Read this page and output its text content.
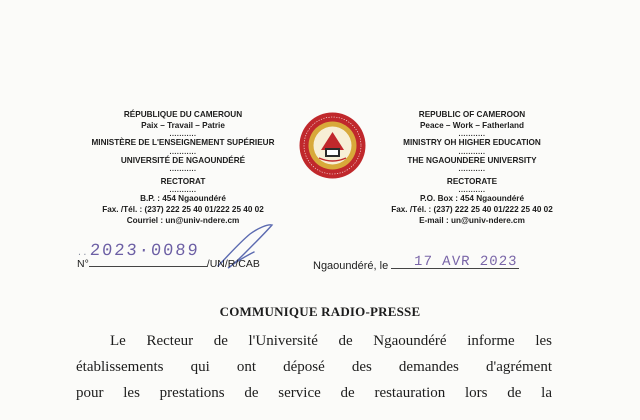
RÉPUBLIQUE DU CAMEROUN
Paix – Travail – Patrie
...........
MINISTÈRE DE L'ENSEIGNEMENT SUPÉRIEUR
...........
UNIVERSITÉ DE NGAOUNDÉRÉ
...........
RECTORAT
...........
B.P. : 454 Ngaoundéré
Fax. /Tél. : (237) 222 25 40 01/222 25 40 02
Courriel : un@univ-ndere.cm
REPUBLIC OF CAMEROON
Peace – Work – Fatherland
...........
MINISTRY OH HIGHER EDUCATION
...........
THE NGAOUNDERE UNIVERSITY
...........
RECTORATE
...........
P.O. Box : 454 Ngaoundéré
Fax. /Tél. : (237) 222 25 40 01/222 25 40 02
E-mail : un@univ-ndere.cm
..2023·0089
N°	/UN/R/CAB	Ngaoundéré, le	17 AVR 2023
COMMUNIQUE RADIO-PRESSE
Le Recteur de l'Université de Ngaoundéré informe les
établissements qui ont déposé des demandes d'agrément
pour les prestations de service de restauration lors de la
